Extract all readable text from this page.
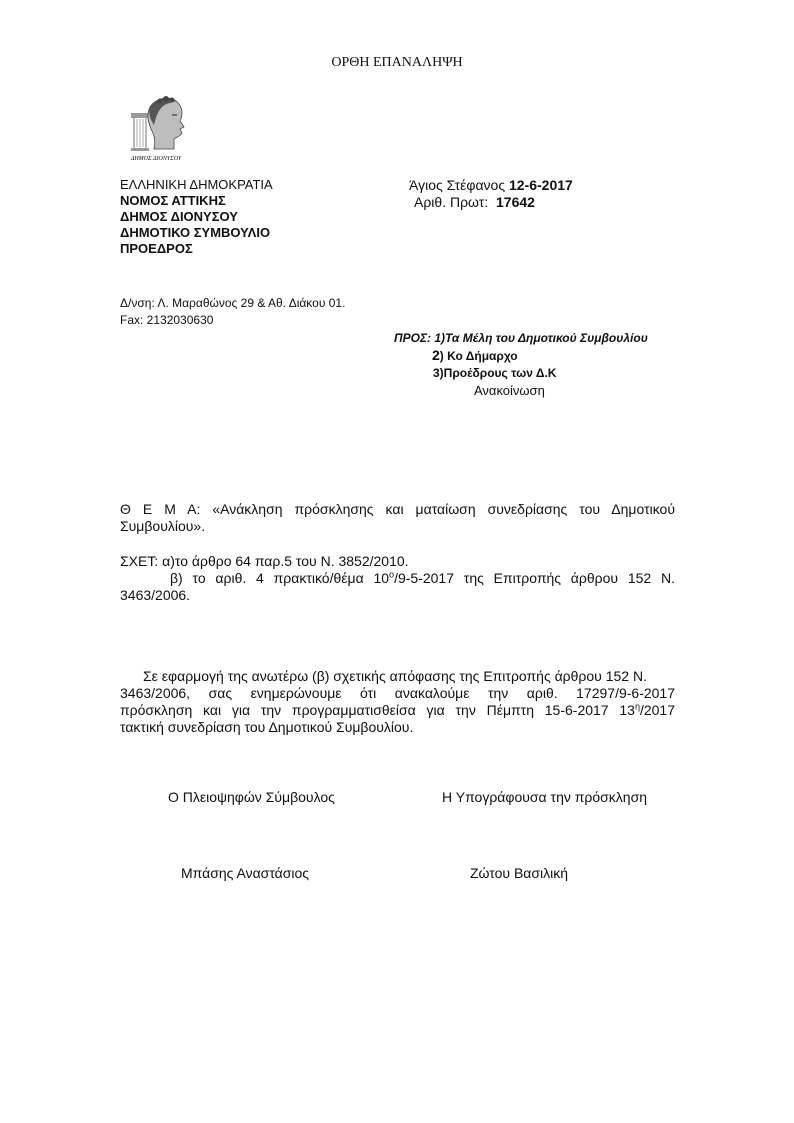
ΟΡΘΗ ΕΠΑΝΑΛΗΨΗ
ΔΗΜΟΣ ΔΙΟΝΥΣΟΥ
ΕΛΛΗΝΙΚΗ ΔΗΜΟΚΡΑΤΙΑ
ΝΟΜΟΣ ΑΤΤΙΚΗΣ
ΔΗΜΟΣ ΔΙΟΝΥΣΟΥ
ΔΗΜΟΤΙΚΟ ΣΥΜΒΟΥΛΙΟ
ΠΡΟΕΔΡΟΣ
Άγιος Στέφανος 12-6-2017
Αριθ. Πρωτ: 17642
Δ/νση: Λ. Μαραθώνος 29 & Αθ. Διάκου 01.
Fax: 2132030630
ΠΡΟΣ: 1)Τα Μέλη του Δημοτικού Συμβουλίου
2) Κο Δήμαρχο
3)Προέδρους των Δ.Κ
Ανακοίνωση
Θ Ε Μ Α: «Ανάκληση πρόσκλησης και ματαίωση συνεδρίασης του Δημοτικού
Συμβουλίου».
ΣΧΕΤ: α)το άρθρο 64 παρ.5 του Ν. 3852/2010.
β) το αριθ. 4 πρακτικό/θέμα $10^o/9-5-2017$ της Επιτροπής άρθρου 152 Ν.
3463/2006.
Σε εφαρμογή της ανωτέρω (β) σχετικής απόφασης της Επιτροπής άρθρου 152 Ν.
3463/2006, σας ενημερώνουμε ότι ανακαλούμε την αριθ. 17297/9-6-2017
πρόσκληση και για την προγραμματισθείσα για την Πέμπτη 15-6-2017 $13^\eta/2017$
τακτική συνεδρίαση του Δημοτικού Συμβουλίου.
Ο Πλειοψηφών Σύμβουλος	Η Υπογράφουσα την πρόσκληση
Μπάσης Αναστάσιος	Ζώτου Βασιλική
